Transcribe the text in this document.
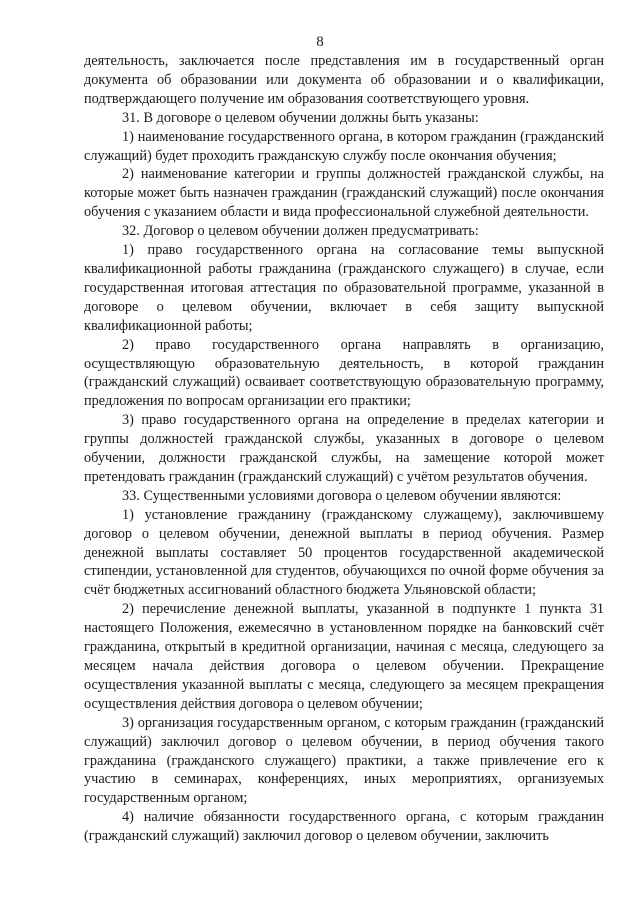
8

деятельность, заключается после представления им в государственный орган документа об образовании или документа об образовании и о квалификации, подтверждающего получение им образования соответствующего уровня.

31. В договоре о целевом обучении должны быть указаны:

1) наименование государственного органа, в котором гражданин (гражданский служащий) будет проходить гражданскую службу после окончания обучения;

2) наименование категории и группы должностей гражданской службы, на которые может быть назначен гражданин (гражданский служащий) после окончания обучения с указанием области и вида профессиональной служебной деятельности.

32. Договор о целевом обучении должен предусматривать:

1) право государственного органа на согласование темы выпускной квалификационной работы гражданина (гражданского служащего) в случае, если государственная итоговая аттестация по образовательной программе, указанной в договоре о целевом обучении, включает в себя защиту выпускной квалификационной работы;

2) право государственного органа направлять в организацию, осуществляющую образовательную деятельность, в которой гражданин (гражданский служащий) осваивает соответствующую образовательную программу, предложения по вопросам организации его практики;

3) право государственного органа на определение в пределах категории и группы должностей гражданской службы, указанных в договоре о целевом обучении, должности гражданской службы, на замещение которой может претендовать гражданин (гражданский служащий) с учётом результатов обучения.

33. Существенными условиями договора о целевом обучении являются:

1) установление гражданину (гражданскому служащему), заключившему договор о целевом обучении, денежной выплаты в период обучения. Размер денежной выплаты составляет 50 процентов государственной академической стипендии, установленной для студентов, обучающихся по очной форме обучения за счёт бюджетных ассигнований областного бюджета Ульяновской области;

2) перечисление денежной выплаты, указанной в подпункте 1 пункта 31 настоящего Положения, ежемесячно в установленном порядке на банковский счёт гражданина, открытый в кредитной организации, начиная с месяца, следующего за месяцем начала действия договора о целевом обучении. Прекращение осуществления указанной выплаты с месяца, следующего за месяцем прекращения осуществления действия договора о целевом обучении;

3) организация государственным органом, с которым гражданин (гражданский служащий) заключил договор о целевом обучении, в период обучения такого гражданина (гражданского служащего) практики, а также привлечение его к участию в семинарах, конференциях, иных мероприятиях, организуемых государственным органом;

4) наличие обязанности государственного органа, с которым гражданин (гражданский служащий) заключил договор о целевом обучении, заключить
